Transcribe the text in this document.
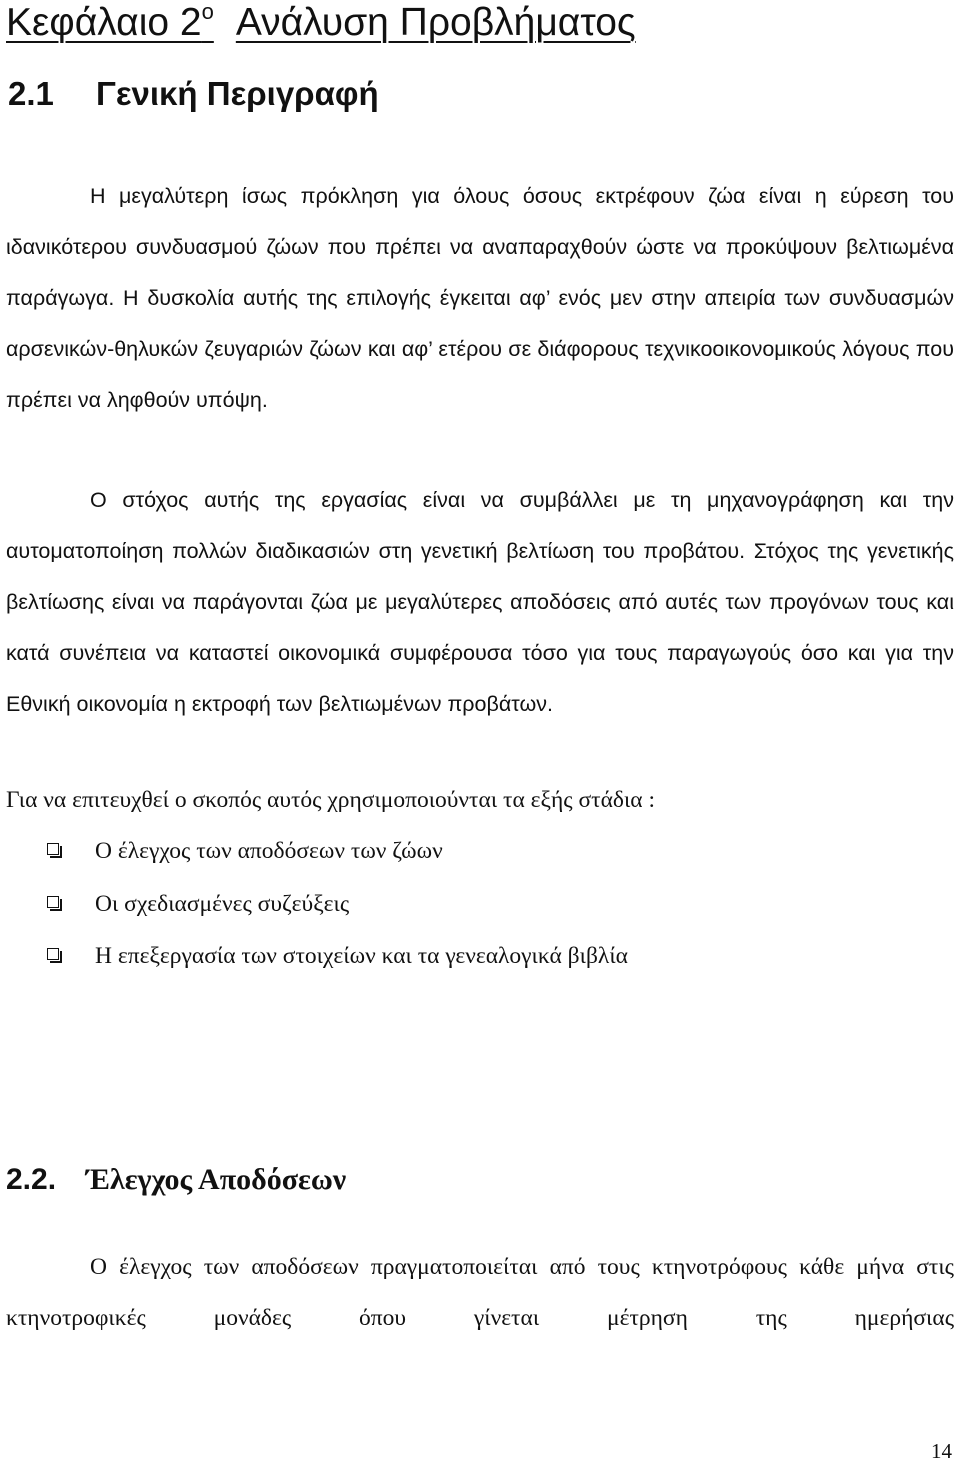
Κεφάλαιο $2^o$ Ανάλυση Προβλήματος
2.1 Γενική Περιγραφή

Η μεγαλύτερη ίσως πρόκληση για όλους όσους εκτρέφουν ζώα είναι η εύρεση του ιδανικότερου συνδυασμού ζώων που πρέπει να αναπαραχθούν ώστε να προκύψουν βελτιωμένα παράγωγα. Η δυσκολία αυτής της επιλογής έγκειται αφ’ ενός μεν στην απειρία των συνδυασμών αρσενικών-θηλυκών ζευγαριών ζώων και αφ’ ετέρου σε διάφορους τεχνικοοικονομικούς λόγους που πρέπει να ληφθούν υπόψη.

Ο στόχος αυτής της εργασίας είναι να συμβάλλει με τη μηχανογράφηση και την αυτοματοποίηση πολλών διαδικασιών στη γενετική βελτίωση του προβάτου. Στόχος της γενετικής βελτίωσης είναι να παράγονται ζώα με μεγαλύτερες αποδόσεις από αυτές των προγόνων τους και κατά συνέπεια να καταστεί οικονομικά συμφέρουσα τόσο για τους παραγωγούς όσο και για την Εθνική οικονομία η εκτροφή των βελτιωμένων προβάτων.

Για να επιτευχθεί ο σκοπός αυτός χρησιμοποιούνται τα εξής στάδια :

Ο έλεγχος των αποδόσεων των ζώων
Οι σχεδιασμένες συζεύξεις
Η επεξεργασία των στοιχείων και τα γενεαλογικά βιβλία
2.2. Έλεγχος Αποδόσεων

Ο έλεγχος των αποδόσεων πραγματοποιείται από τους κτηνοτρόφους κάθε μήνα στις κτηνοτροφικές μονάδες όπου γίνεται μέτρηση της ημερήσιας

14
